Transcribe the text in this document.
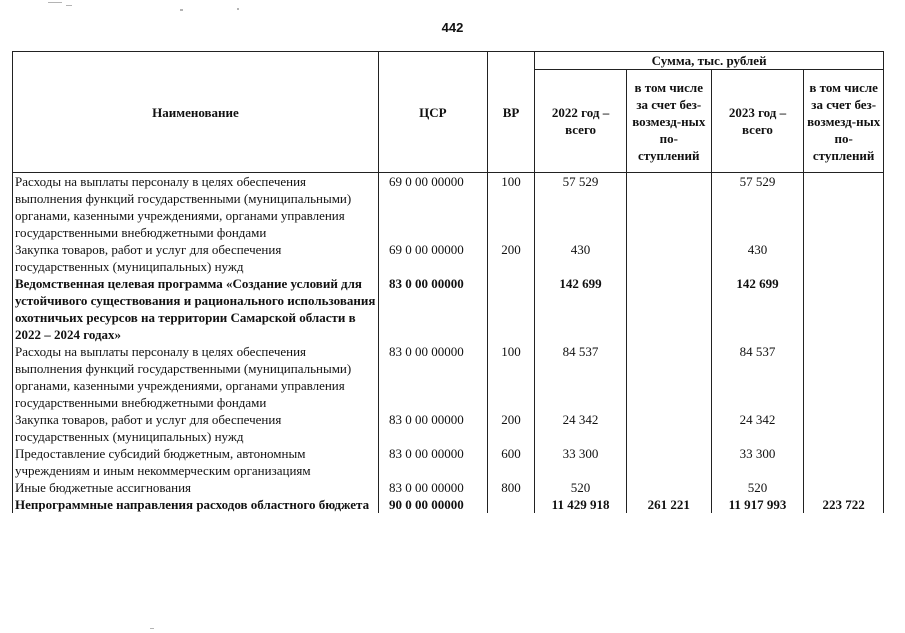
442
Наименование	ЦСР	ВР	Сумма, тыс. рублей			
			2022 год – всего	в том числе за счет без-возмезд-ных по-ступлений	2023 год – всего	в том числе за счет без-возмезд-ных по-ступлений
Расходы на выплаты персоналу в целях обеспечения выполнения функций государственными (муниципальными) органами, казенными учреждениями, органами управления государственными внебюджетными фондами	69 0 00 00000	100	57 529		57 529	
Закупка товаров, работ и услуг для обеспечения государственных (муниципальных) нужд	69 0 00 00000	200	430		430	
Ведомственная целевая программа «Создание условий для устойчивого существования и рационального использования охотничьих ресурсов на территории Самарской области в 2022 – 2024 годах»	83 0 00 00000		142 699		142 699	
Расходы на выплаты персоналу в целях обеспечения выполнения функций государственными (муниципальными) органами, казенными учреждениями, органами управления государственными внебюджетными фондами	83 0 00 00000	100	84 537		84 537	
Закупка товаров, работ и услуг для обеспечения государственных (муниципальных) нужд	83 0 00 00000	200	24 342		24 342	
Предоставление субсидий бюджетным, автономным учреждениям и иным некоммерческим организациям	83 0 00 00000	600	33 300		33 300	
Иные бюджетные ассигнования	83 0 00 00000	800	520		520	
Непрограммные направления расходов областного бюджета	90 0 00 00000		11 429 918	261 221	11 917 993	223 722
